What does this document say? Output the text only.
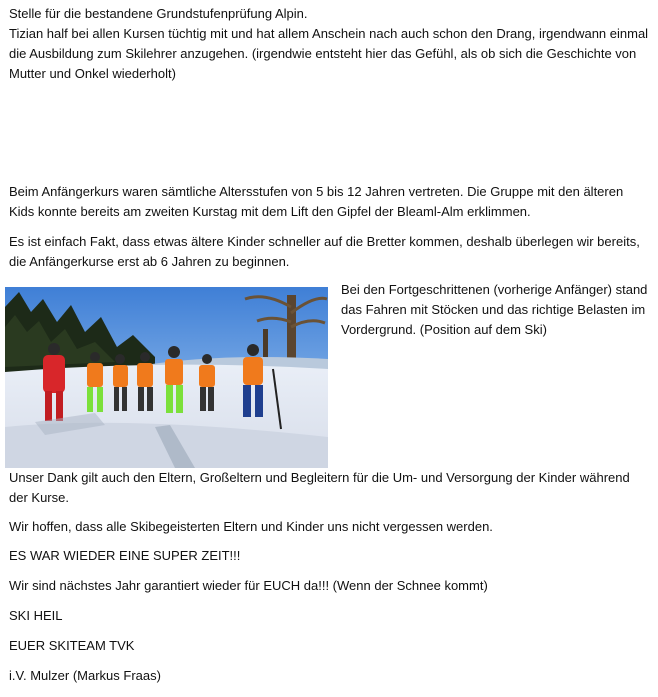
Stelle für die bestandene Grundstufenprüfung Alpin.
Tizian half bei allen Kursen tüchtig mit und hat allem Anschein nach auch schon den Drang, irgendwann einmal die Ausbildung zum Skilehrer anzugehen. (irgendwie entsteht hier das Gefühl, als ob sich die Geschichte von Mutter und Onkel wiederholt)

Beim Anfängerkurs waren sämtliche Altersstufen von 5 bis 12 Jahren vertreten. Die Gruppe mit den älteren Kids konnte bereits am zweiten Kurstag mit dem Lift den Gipfel der Bleaml-Alm erklimmen.

Es ist einfach Fakt, dass etwas ältere Kinder schneller auf die Bretter kommen, deshalb überlegen wir bereits, die Anfängerkurse erst ab 6 Jahren zu beginnen.

Bei den Fortgeschrittenen (vorherige Anfänger) stand das Fahren mit Stöcken und das richtige Belasten im Vordergrund. (Position auf dem Ski)

Unser Dank gilt auch den Eltern, Großeltern und Begleitern für die Um- und Versorgung der Kinder während der Kurse.

Wir hoffen, dass alle Skibegeisterten Eltern und Kinder uns nicht vergessen werden.

ES WAR WIEDER EINE SUPER ZEIT!!!

Wir sind nächstes Jahr garantiert wieder für EUCH da!!! (Wenn der Schnee kommt)

SKI HEIL

EUER SKITEAM TVK

i.V. Mulzer (Markus Fraas)
